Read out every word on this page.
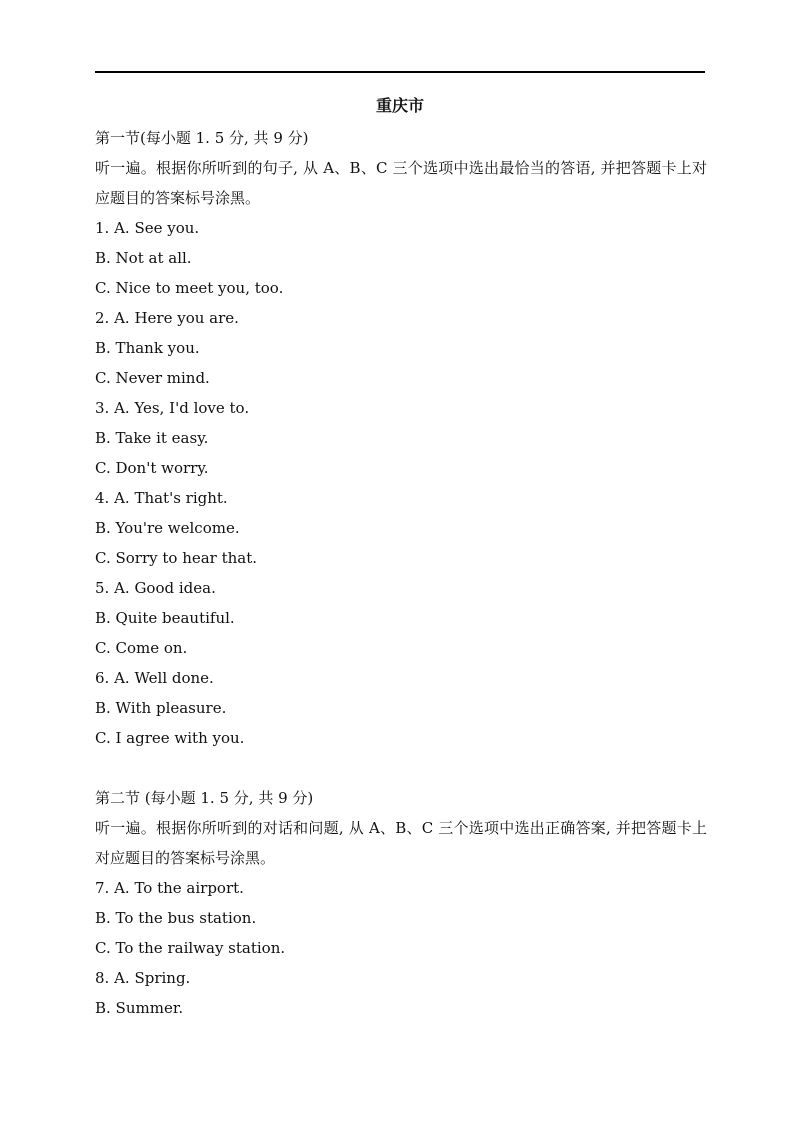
重庆市
第一节(每小题 1. 5 分, 共 9 分)
听一遍。根据你所听到的句子, 从 A、B、C 三个选项中选出最恰当的答语, 并把答题卡上对应题目的答案标号涂黑。
1. A. See you.
B. Not at all.
C. Nice to meet you, too.
2. A. Here you are.
B. Thank you.
C. Never mind.
3. A. Yes, I'd love to.
B. Take it easy.
C. Don't worry.
4. A. That's right.
B. You're welcome.
C. Sorry to hear that.
5. A. Good idea.
B. Quite beautiful.
C. Come on.
6. A. Well done.
B. With pleasure.
C. I agree with you.
第二节 (每小题 1. 5 分, 共 9 分)
听一遍。根据你所听到的对话和问题, 从 A、B、C 三个选项中选出正确答案, 并把答题卡上对应题目的答案标号涂黑。
7. A. To the airport.
B. To the bus station.
C. To the railway station.
8. A. Spring.
B. Summer.
